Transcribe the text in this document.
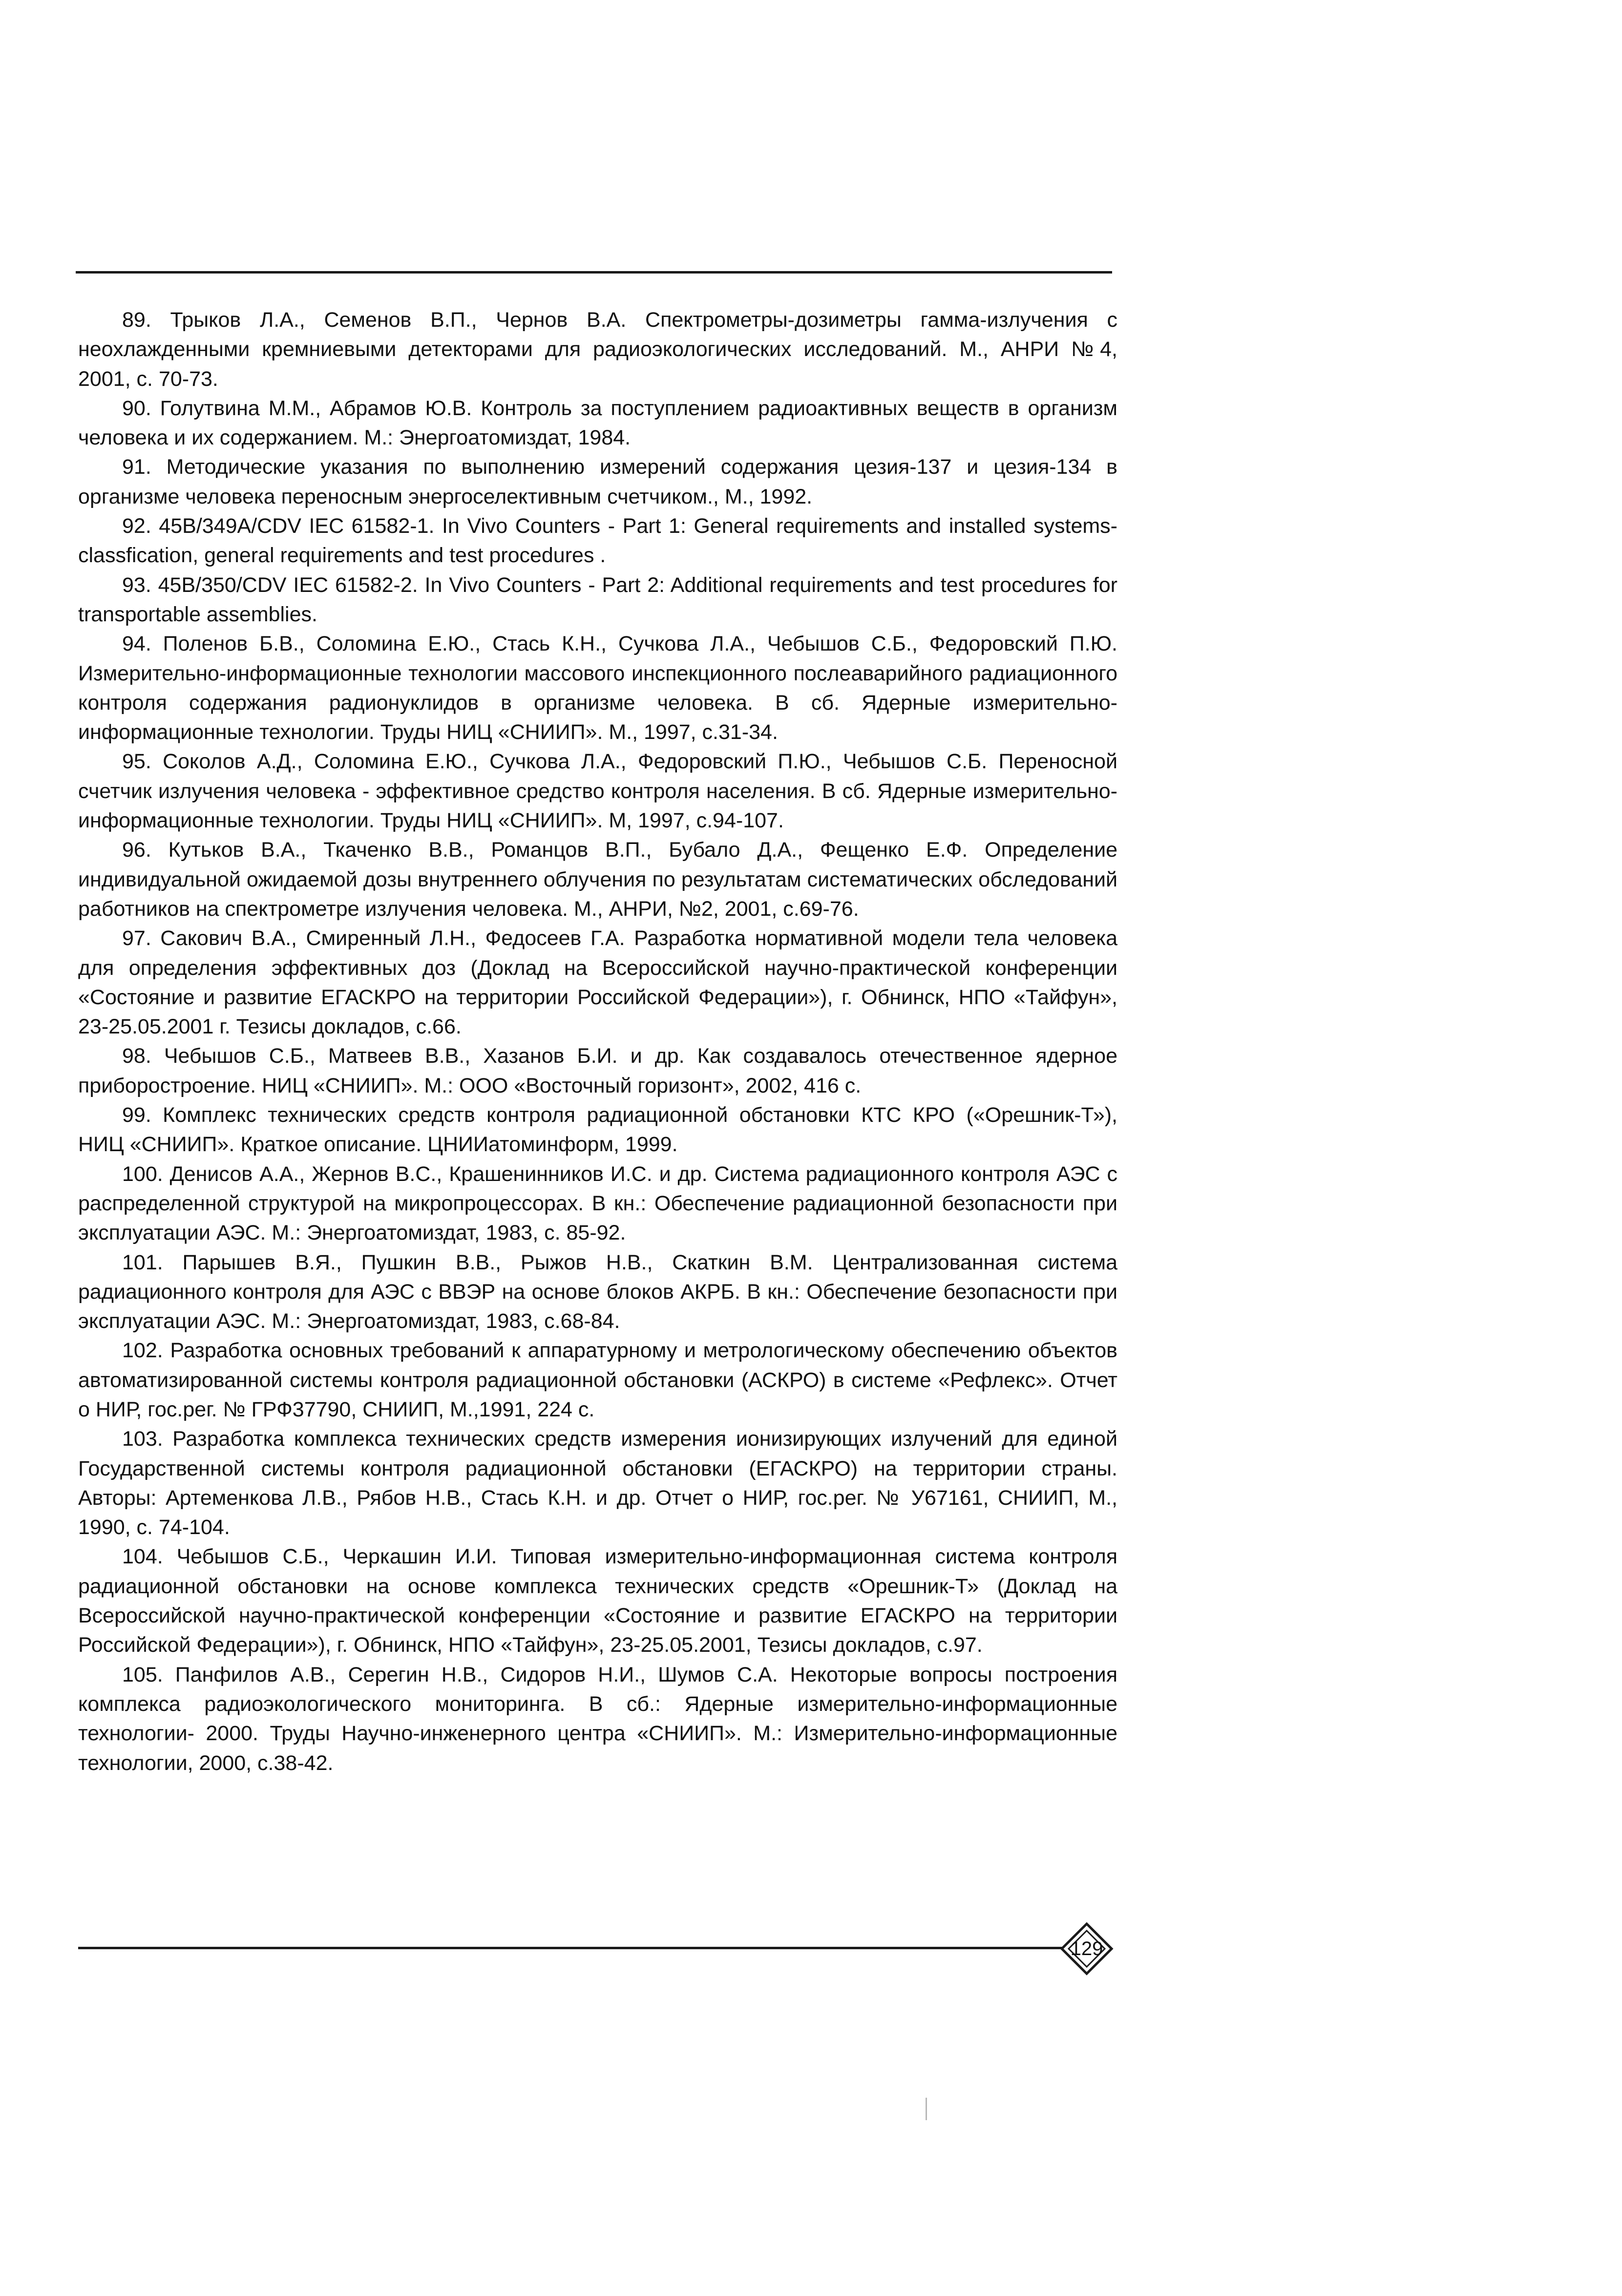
89. Трыков Л.А., Семенов В.П., Чернов В.А. Спектрометры-дозиметры гамма-излучения с неохлажденными кремниевыми детекторами для радиоэкологических исследований. М., АНРИ №4, 2001, с. 70-73.

90. Голутвина М.М., Абрамов Ю.В. Контроль за поступлением радиоактивных веществ в организм человека и их содержанием. М.: Энергоатомиздат, 1984.

91. Методические указания по выполнению измерений содержания цезия-137 и цезия-134 в организме человека переносным энергоселективным счетчиком., М., 1992.

92. 45В/349А/CDV IEC 61582-1. In Vivo Counters - Part 1: General requirements and installed systems-classfication, general requirements and test procedures .

93. 45В/350/CDV IEC 61582-2. In Vivo Counters - Part 2: Additional requirements and test procedures for transportable assemblies.

94. Поленов Б.В., Соломина Е.Ю., Стась К.Н., Сучкова Л.А., Чебышов С.Б., Федоровский П.Ю. Измерительно-информационные технологии массового инспекционного послеаварийного радиационного контроля содержания радионуклидов в организме человека. В сб. Ядерные измерительно-информационные технологии. Труды НИЦ «СНИИП». М., 1997, с.31-34.

95. Соколов А.Д., Соломина Е.Ю., Сучкова Л.А., Федоровский П.Ю., Чебышов С.Б. Переносной счетчик излучения человека - эффективное средство контроля населения. В сб. Ядерные измерительно-информационные технологии. Труды НИЦ «СНИИП». М, 1997, с.94-107.

96. Кутьков В.А., Ткаченко В.В., Романцов В.П., Бубало Д.А., Фещенко Е.Ф. Определение индивидуальной ожидаемой дозы внутреннего облучения по результатам систематических обследований работников на спектрометре излучения человека. М., АНРИ, №2, 2001, с.69-76.

97. Сакович В.А., Смиренный Л.Н., Федосеев Г.А. Разработка нормативной модели тела человека для определения эффективных доз (Доклад на Всероссийской научно-практической конференции «Состояние и развитие ЕГАСКРО на территории Российской Федерации»), г. Обнинск, НПО «Тайфун», 23-25.05.2001 г. Тезисы докладов, с.66.

98. Чебышов С.Б., Матвеев В.В., Хазанов Б.И. и др. Как создавалось отечественное ядерное приборостроение. НИЦ «СНИИП». М.: ООО «Восточный горизонт», 2002, 416 с.

99. Комплекс технических средств контроля радиационной обстановки КТС КРО («Орешник-Т»), НИЦ «СНИИП». Краткое описание. ЦНИИатоминформ, 1999.

100. Денисов А.А., Жернов В.С., Крашенинников И.С. и др. Система радиационного контроля АЭС с распределенной структурой на микропроцессорах. В кн.: Обеспечение радиационной безопасности при эксплуатации АЭС. М.: Энергоатомиздат, 1983, с. 85-92.

101. Парышев В.Я., Пушкин В.В., Рыжов Н.В., Скаткин В.М. Централизованная система радиационного контроля для АЭС с ВВЭР на основе блоков АКРБ. В кн.: Обеспечение безопасности при эксплуатации АЭС. М.: Энергоатомиздат, 1983, с.68-84.

102. Разработка основных требований к аппаратурному и метрологическому обеспечению объектов автоматизированной системы контроля радиационной обстановки (АСКРО) в системе «Рефлекс». Отчет о НИР, гос.рег. № ГРФ37790, СНИИП, М.,1991, 224 с.

103. Разработка комплекса технических средств измерения ионизирующих излучений для единой Государственной системы контроля радиационной обстановки (ЕГАСКРО) на территории страны. Авторы: Артеменкова Л.В., Рябов Н.В., Стась К.Н. и др. Отчет о НИР, гос.рег. № У67161, СНИИП, М., 1990, с. 74-104.

104. Чебышов С.Б., Черкашин И.И. Типовая измерительно-информационная система контроля радиационной обстановки на основе комплекса технических средств «Орешник-Т» (Доклад на Всероссийской научно-практической конференции «Состояние и развитие ЕГАСКРО на территории Российской Федерации»), г. Обнинск, НПО «Тайфун», 23-25.05.2001, Тезисы докладов, с.97.

105. Панфилов А.В., Серегин Н.В., Сидоров Н.И., Шумов С.А. Некоторые вопросы построения комплекса радиоэкологического мониторинга. В сб.: Ядерные измерительно-информационные технологии- 2000. Труды Научно-инженерного центра «СНИИП». М.: Измерительно-информационные технологии, 2000, с.38-42.

129
